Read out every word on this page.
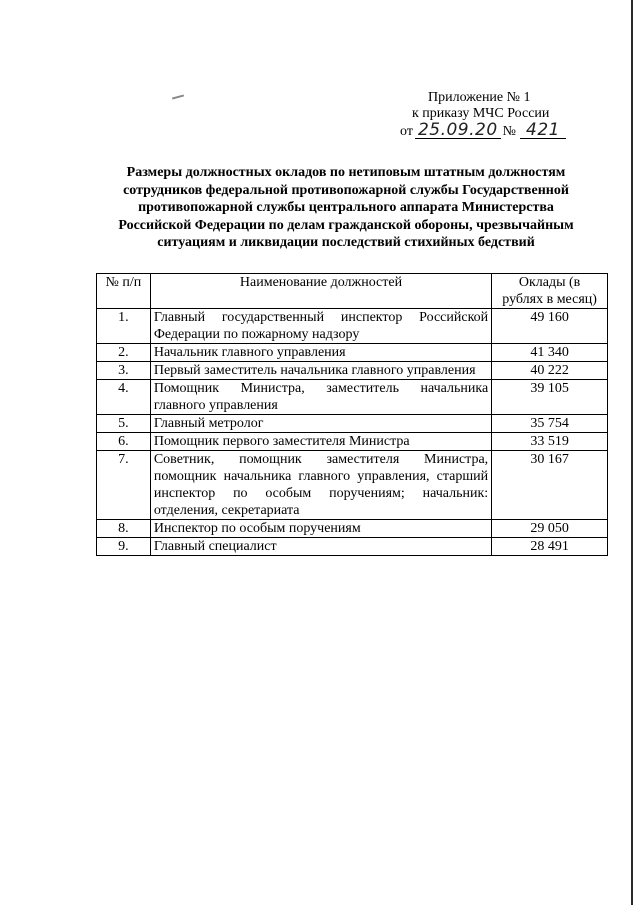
Приложение № 1
к приказу МЧС России
от 25.09.20 № 421
Размеры должностных окладов по нетиповым штатным должностям
сотрудников федеральной противопожарной службы Государственной
противопожарной службы центрального аппарата Министерства
Российской Федерации по делам гражданской обороны, чрезвычайным
ситуациям и ликвидации последствий стихийных бедствий
№ п/п	Наименование должностей	Оклады (в
рублях в месяц)

1.	Главный государственный инспектор Российской Федерации по пожарному надзору	49 160
2.	Начальник главного управления	41 340
3.	Первый заместитель начальника главного управления	40 222
4.	Помощник Министра, заместитель начальника главного управления	39 105
5.	Главный метролог	35 754
6.	Помощник первого заместителя Министра	33 519
7.	Советник, помощник заместителя Министра, помощник начальника главного управления, старший инспектор по особым поручениям; начальник: отделения, секретариата	30 167
8.	Инспектор по особым поручениям	29 050
9.	Главный специалист	28 491
